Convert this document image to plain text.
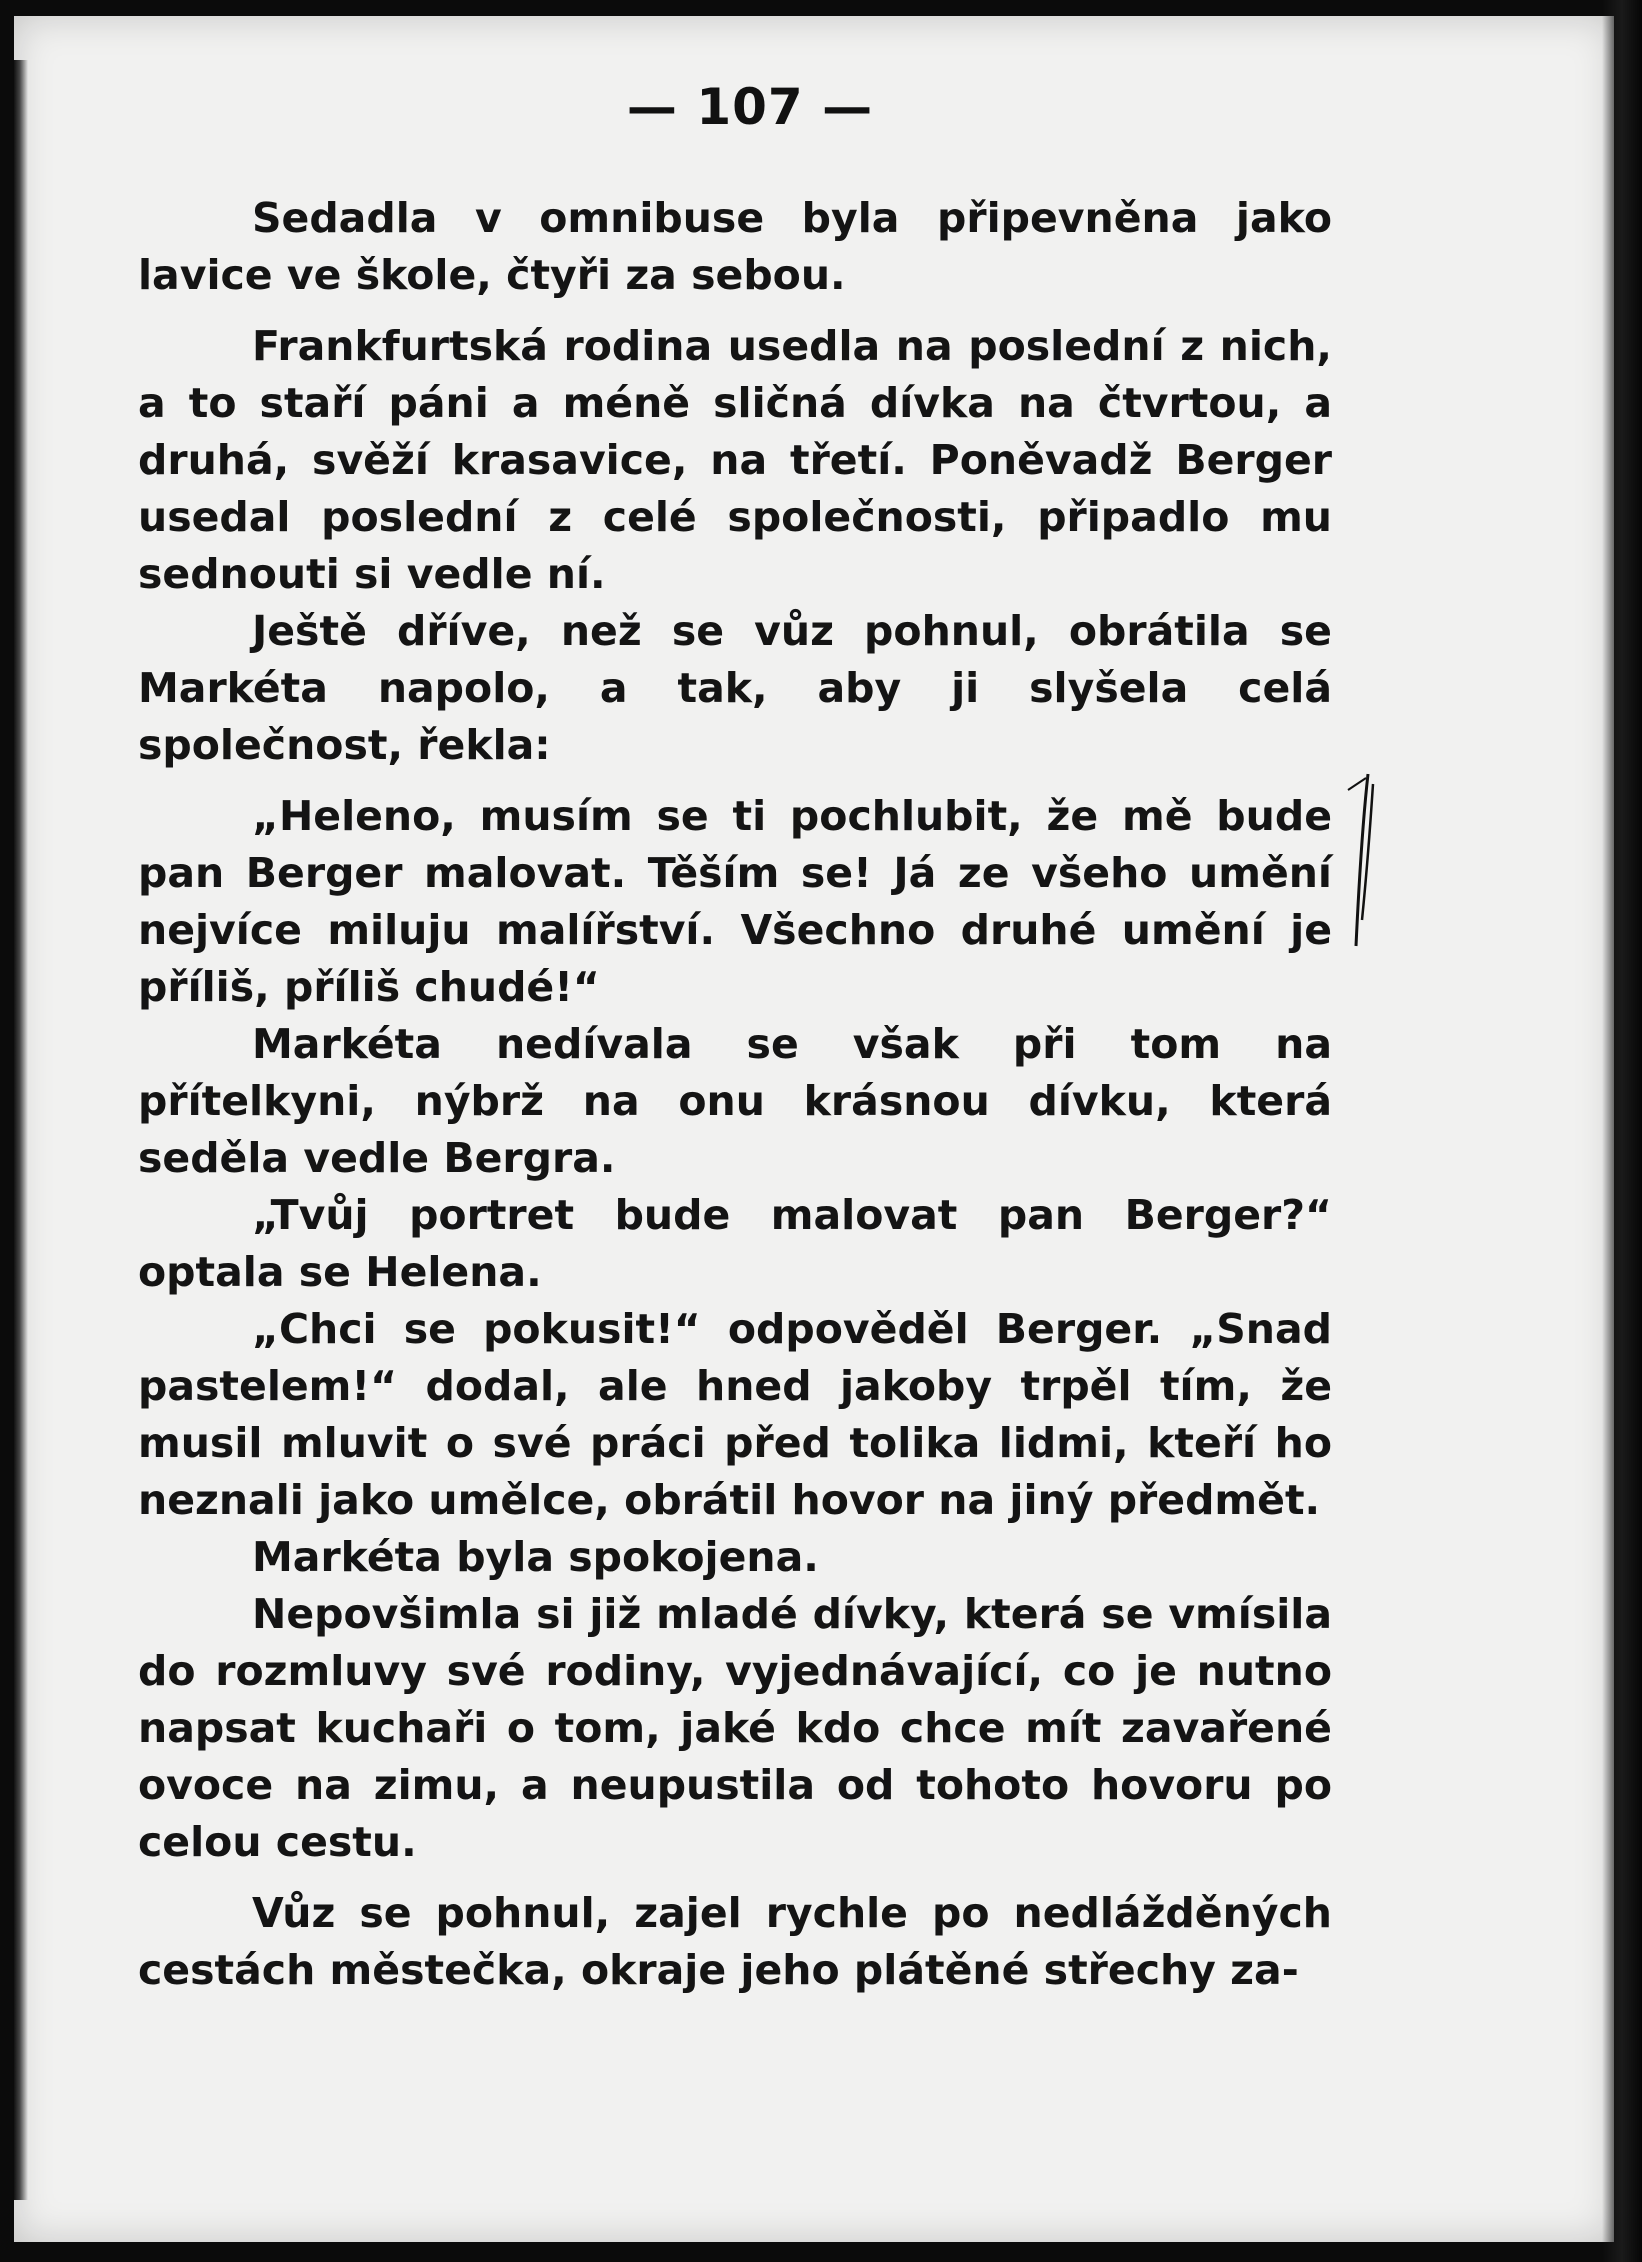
— 107 —

Sedadla v omnibuse byla připevněna jako lavice ve škole, čtyři za sebou.

Frankfurtská rodina usedla na poslední z nich, a to staří páni a méně sličná dívka na čtvrtou, a druhá, svěží krasavice, na třetí. Poněvadž Berger usedal poslední z celé společnosti, připadlo mu sednouti si vedle ní.

Ještě dříve, než se vůz pohnul, obrátila se Markéta napolo, a tak, aby ji slyšela celá společnost, řekla:

„Heleno, musím se ti pochlubit, že mě bude pan Berger malovat. Těším se! Já ze všeho umění nejvíce miluju malířství. Všechno druhé umění je příliš, příliš chudé!“

Markéta nedívala se však při tom na přítelkyni, nýbrž na onu krásnou dívku, která seděla vedle Bergra.

„Tvůj portret bude malovat pan Berger?“ optala se Helena.

„Chci se pokusit!“ odpověděl Berger. „Snad pastelem!“ dodal, ale hned jakoby trpěl tím, že musil mluvit o své práci před tolika lidmi, kteří ho neznali jako umělce, obrátil hovor na jiný předmět.

Markéta byla spokojena.

Nepovšimla si již mladé dívky, která se vmísila do rozmluvy své rodiny, vyjednávající, co je nutno napsat kuchaři o tom, jaké kdo chce mít zavařené ovoce na zimu, a neupustila od tohoto hovoru po celou cestu.

Vůz se pohnul, zajel rychle po nedlážděných cestách městečka, okraje jeho plátěné střechy za-
